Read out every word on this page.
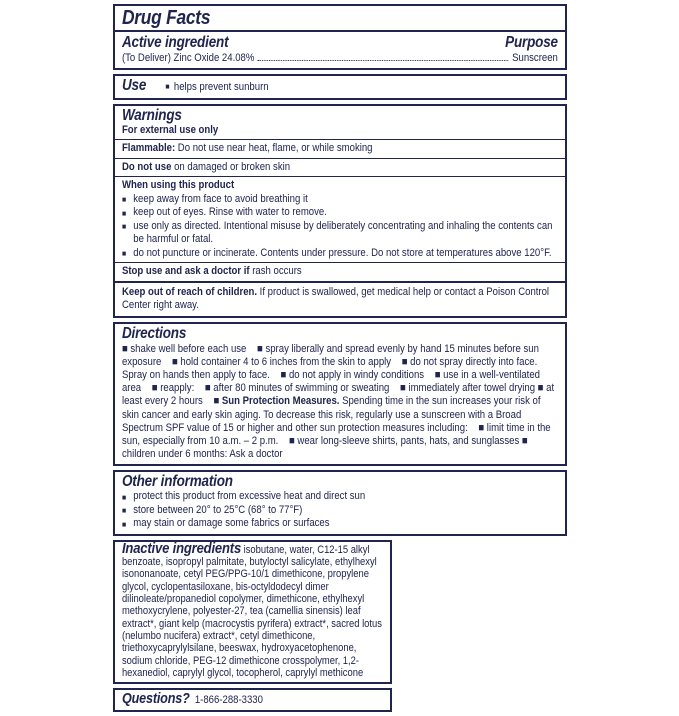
Drug Facts
Active ingredient	Purpose
(To Deliver) Zinc Oxide 24.08%	Sunscreen
Use ■ helps prevent sunburn
Warnings
For external use only
Flammable: Do not use near heat, flame, or while smoking
Do not use on damaged or broken skin
When using this product
■ keep away from face to avoid breathing it
■ keep out of eyes. Rinse with water to remove.
■ use only as directed. Intentional misuse by deliberately concentrating and inhaling the contents can be harmful or fatal.
■ do not puncture or incinerate. Contents under pressure. Do not store at temperatures above 120°F.
Stop use and ask a doctor if rash occurs
Keep out of reach of children. If product is swallowed, get medical help or contact a Poison Control Center right away.
Directions

■ shake well before each use    ■ spray liberally and spread evenly by hand 15 minutes before sun exposure    ■ hold container 4 to 6 inches from the skin to apply    ■ do not spray directly into face. Spray on hands then apply to face.    ■ do not apply in windy conditions    ■ use in a well-ventilated area    ■ reapply:    ■ after 80 minutes of swimming or sweating    ■ immediately after towel drying ■ at least every 2 hours    ■ Sun Protection Measures. Spending time in the sun increases your risk of skin cancer and early skin aging. To decrease this risk, regularly use a sunscreen with a Broad Spectrum SPF value of 15 or higher and other sun protection measures including:    ■ limit time in the sun, especially from 10 a.m. – 2 p.m.    ■ wear long-sleeve shirts, pants, hats, and sunglasses ■ children under 6 months: Ask a doctor

Other information
■ protect this product from excessive heat and direct sun
■ store between 20° to 25°C (68° to 77°F)
■ may stain or damage some fabrics or surfaces

Inactive ingredients isobutane, water, C12-15 alkyl benzoate, isopropyl palmitate, butyloctyl salicylate, ethylhexyl isononanoate, cetyl PEG/PPG-10/1 dimethicone, propylene glycol, cyclopentasiloxane, bis-octyldodecyl dimer dilinoleate/propanediol copolymer, dimethicone, ethylhexyl methoxycrylene, polyester-27, tea (camellia sinensis) leaf extract*, giant kelp (macrocystis pyrifera) extract*, sacred lotus (nelumbo nucifera) extract*, cetyl dimethicone, triethoxycaprylylsilane, beeswax, hydroxyacetophenone, sodium chloride, PEG-12 dimethicone crosspolymer, 1,2-hexanediol, caprylyl glycol, tocopherol, caprylyl methicone

Questions? 1-866-288-3330
